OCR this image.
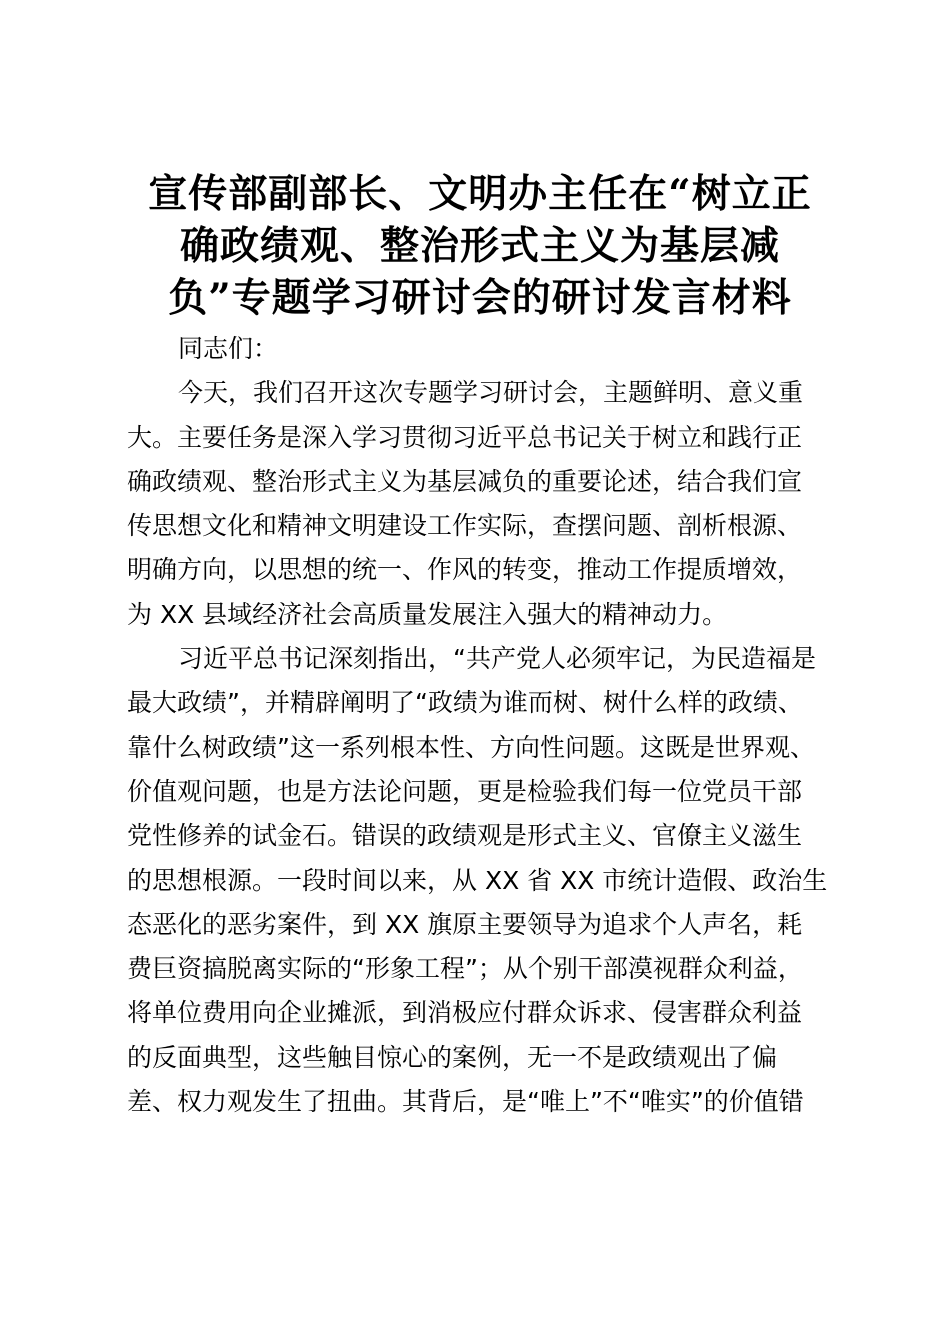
宣传部副部长、文明办主任在“树立正
确政绩观、整治形式主义为基层减
负”专题学习研讨会的研讨发言材料
同志们：
今天，我们召开这次专题学习研讨会，主题鲜明、意义重
大。主要任务是深入学习贯彻习近平总书记关于树立和践行正
确政绩观、整治形式主义为基层减负的重要论述，结合我们宣
传思想文化和精神文明建设工作实际，查摆问题、剖析根源、
明确方向，以思想的统一、作风的转变，推动工作提质增效，
为 XX 县域经济社会高质量发展注入强大的精神动力。
习近平总书记深刻指出，“共产党人必须牢记，为民造福是
最大政绩”，并精辟阐明了“政绩为谁而树、树什么样的政绩、
靠什么树政绩”这一系列根本性、方向性问题。这既是世界观、
价值观问题，也是方法论问题，更是检验我们每一位党员干部
党性修养的试金石。错误的政绩观是形式主义、官僚主义滋生
的思想根源。一段时间以来，从 XX 省 XX 市统计造假、政治生
态恶化的恶劣案件，到 XX 旗原主要领导为追求个人声名，耗
费巨资搞脱离实际的“形象工程”；从个别干部漠视群众利益，
将单位费用向企业摊派，到消极应付群众诉求、侵害群众利益
的反面典型，这些触目惊心的案例，无一不是政绩观出了偏
差、权力观发生了扭曲。其背后，是“唯上”不“唯实”的价值错
